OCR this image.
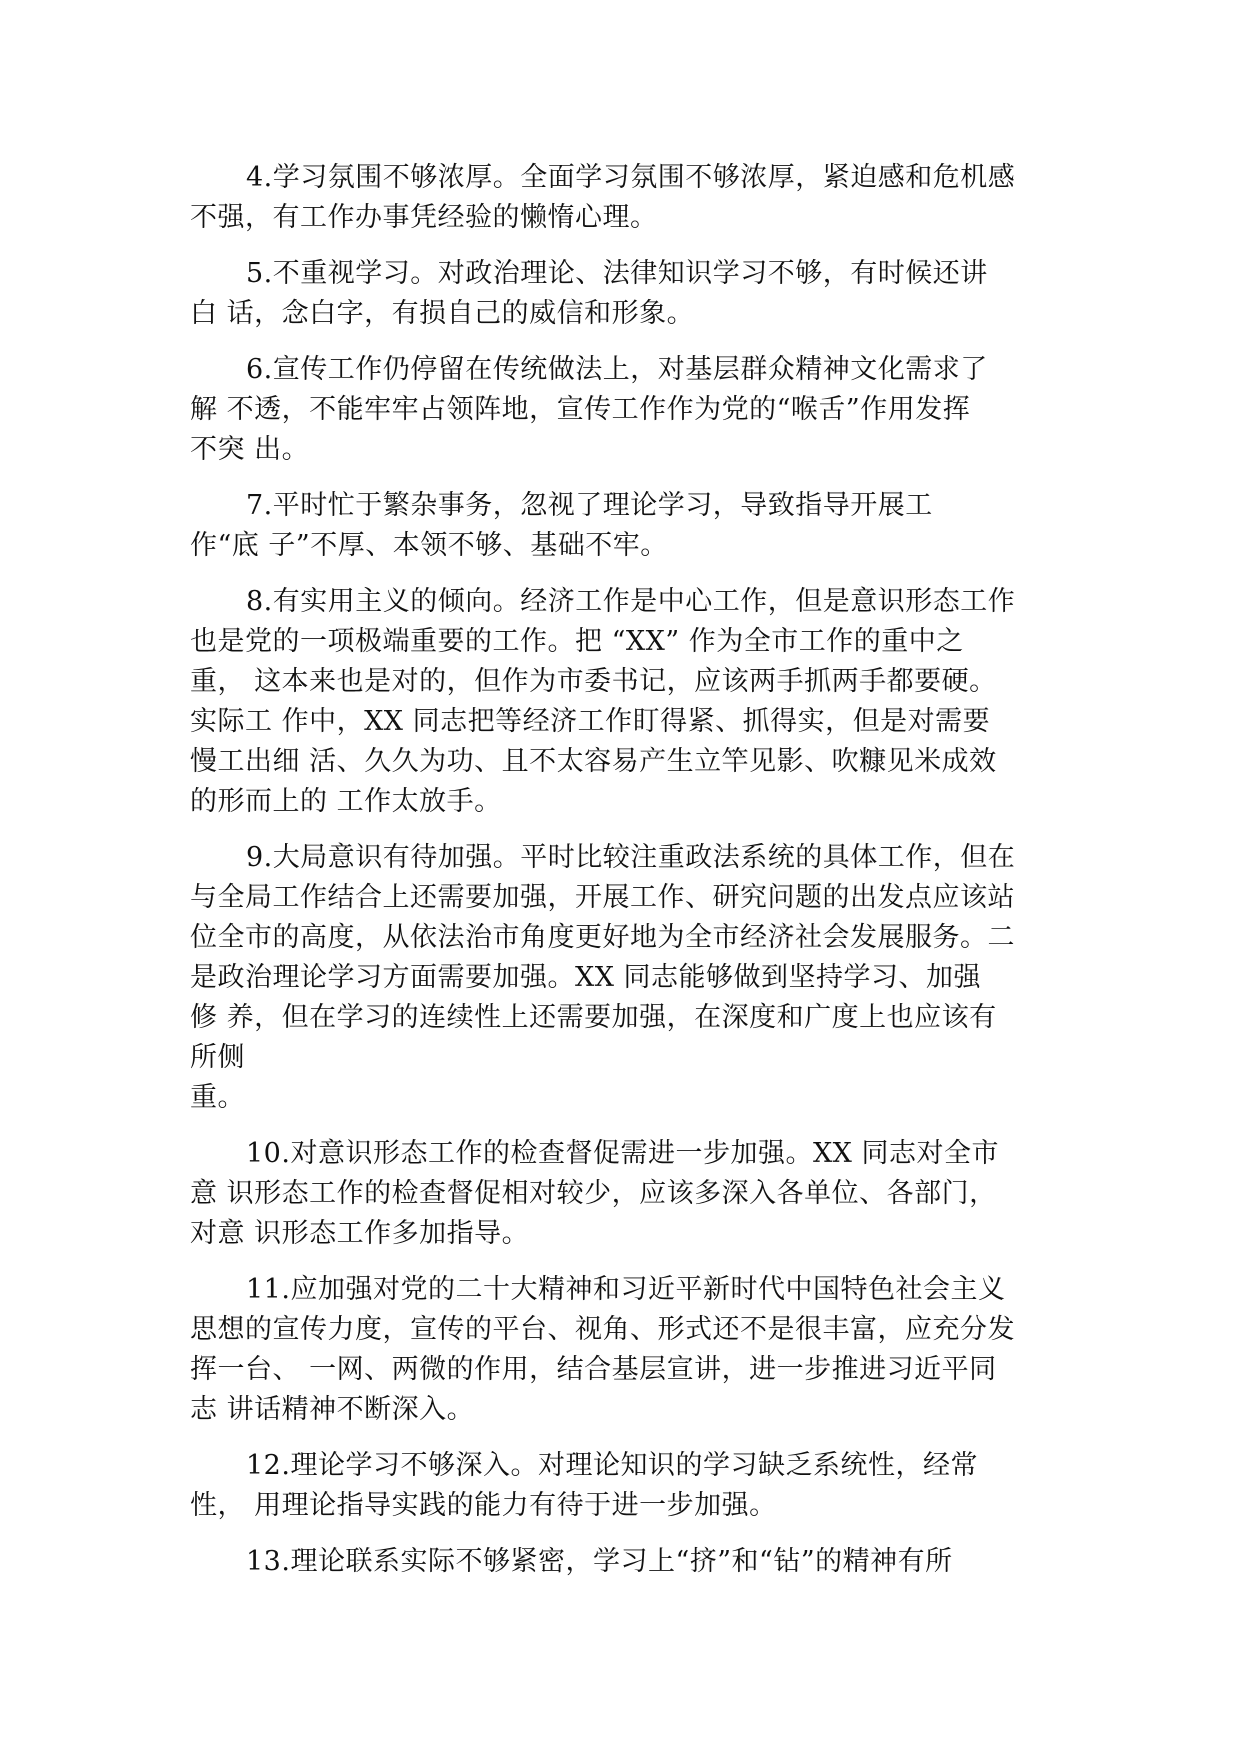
4.学习氛围不够浓厚。全面学习氛围不够浓厚，紧迫感和危机感
不强，有工作办事凭经验的懒惰心理。
5.不重视学习。对政治理论、法律知识学习不够，有时候还讲
白 话，念白字，有损自己的威信和形象。
6.宣传工作仍停留在传统做法上，对基层群众精神文化需求了
解 不透，不能牢牢占领阵地，宣传工作作为党的“喉舌”作用发挥
不突 出。
7.平时忙于繁杂事务，忽视了理论学习，导致指导开展工
作“底 子”不厚、本领不够、基础不牢。
8.有实用主义的倾向。经济工作是中心工作，但是意识形态工作
也是党的一项极端重要的工作。把 “XX” 作为全市工作的重中之
重， 这本来也是对的，但作为市委书记，应该两手抓两手都要硬。
实际工 作中，XX 同志把等经济工作盯得紧、抓得实，但是对需要
慢工出细 活、久久为功、且不太容易产生立竿见影、吹糠见米成效
的形而上的 工作太放手。
9.大局意识有待加强。平时比较注重政法系统的具体工作，但在
与全局工作结合上还需要加强，开展工作、研究问题的出发点应该站
位全市的高度，从依法治市角度更好地为全市经济社会发展服务。二
是政治理论学习方面需要加强。XX 同志能够做到坚持学习、加强
修 养，但在学习的连续性上还需要加强，在深度和广度上也应该有
所侧
重。
10.对意识形态工作的检查督促需进一步加强。XX 同志对全市
意 识形态工作的检查督促相对较少，应该多深入各单位、各部门，
对意 识形态工作多加指导。
11.应加强对党的二十大精神和习近平新时代中国特色社会主义
思想的宣传力度，宣传的平台、视角、形式还不是很丰富，应充分发
挥一台、 一网、两微的作用，结合基层宣讲，进一步推进习近平同
志 讲话精神不断深入。
12.理论学习不够深入。对理论知识的学习缺乏系统性，经常
性， 用理论指导实践的能力有待于进一步加强。
13.理论联系实际不够紧密，学习上“挤”和“钻”的精神有所
